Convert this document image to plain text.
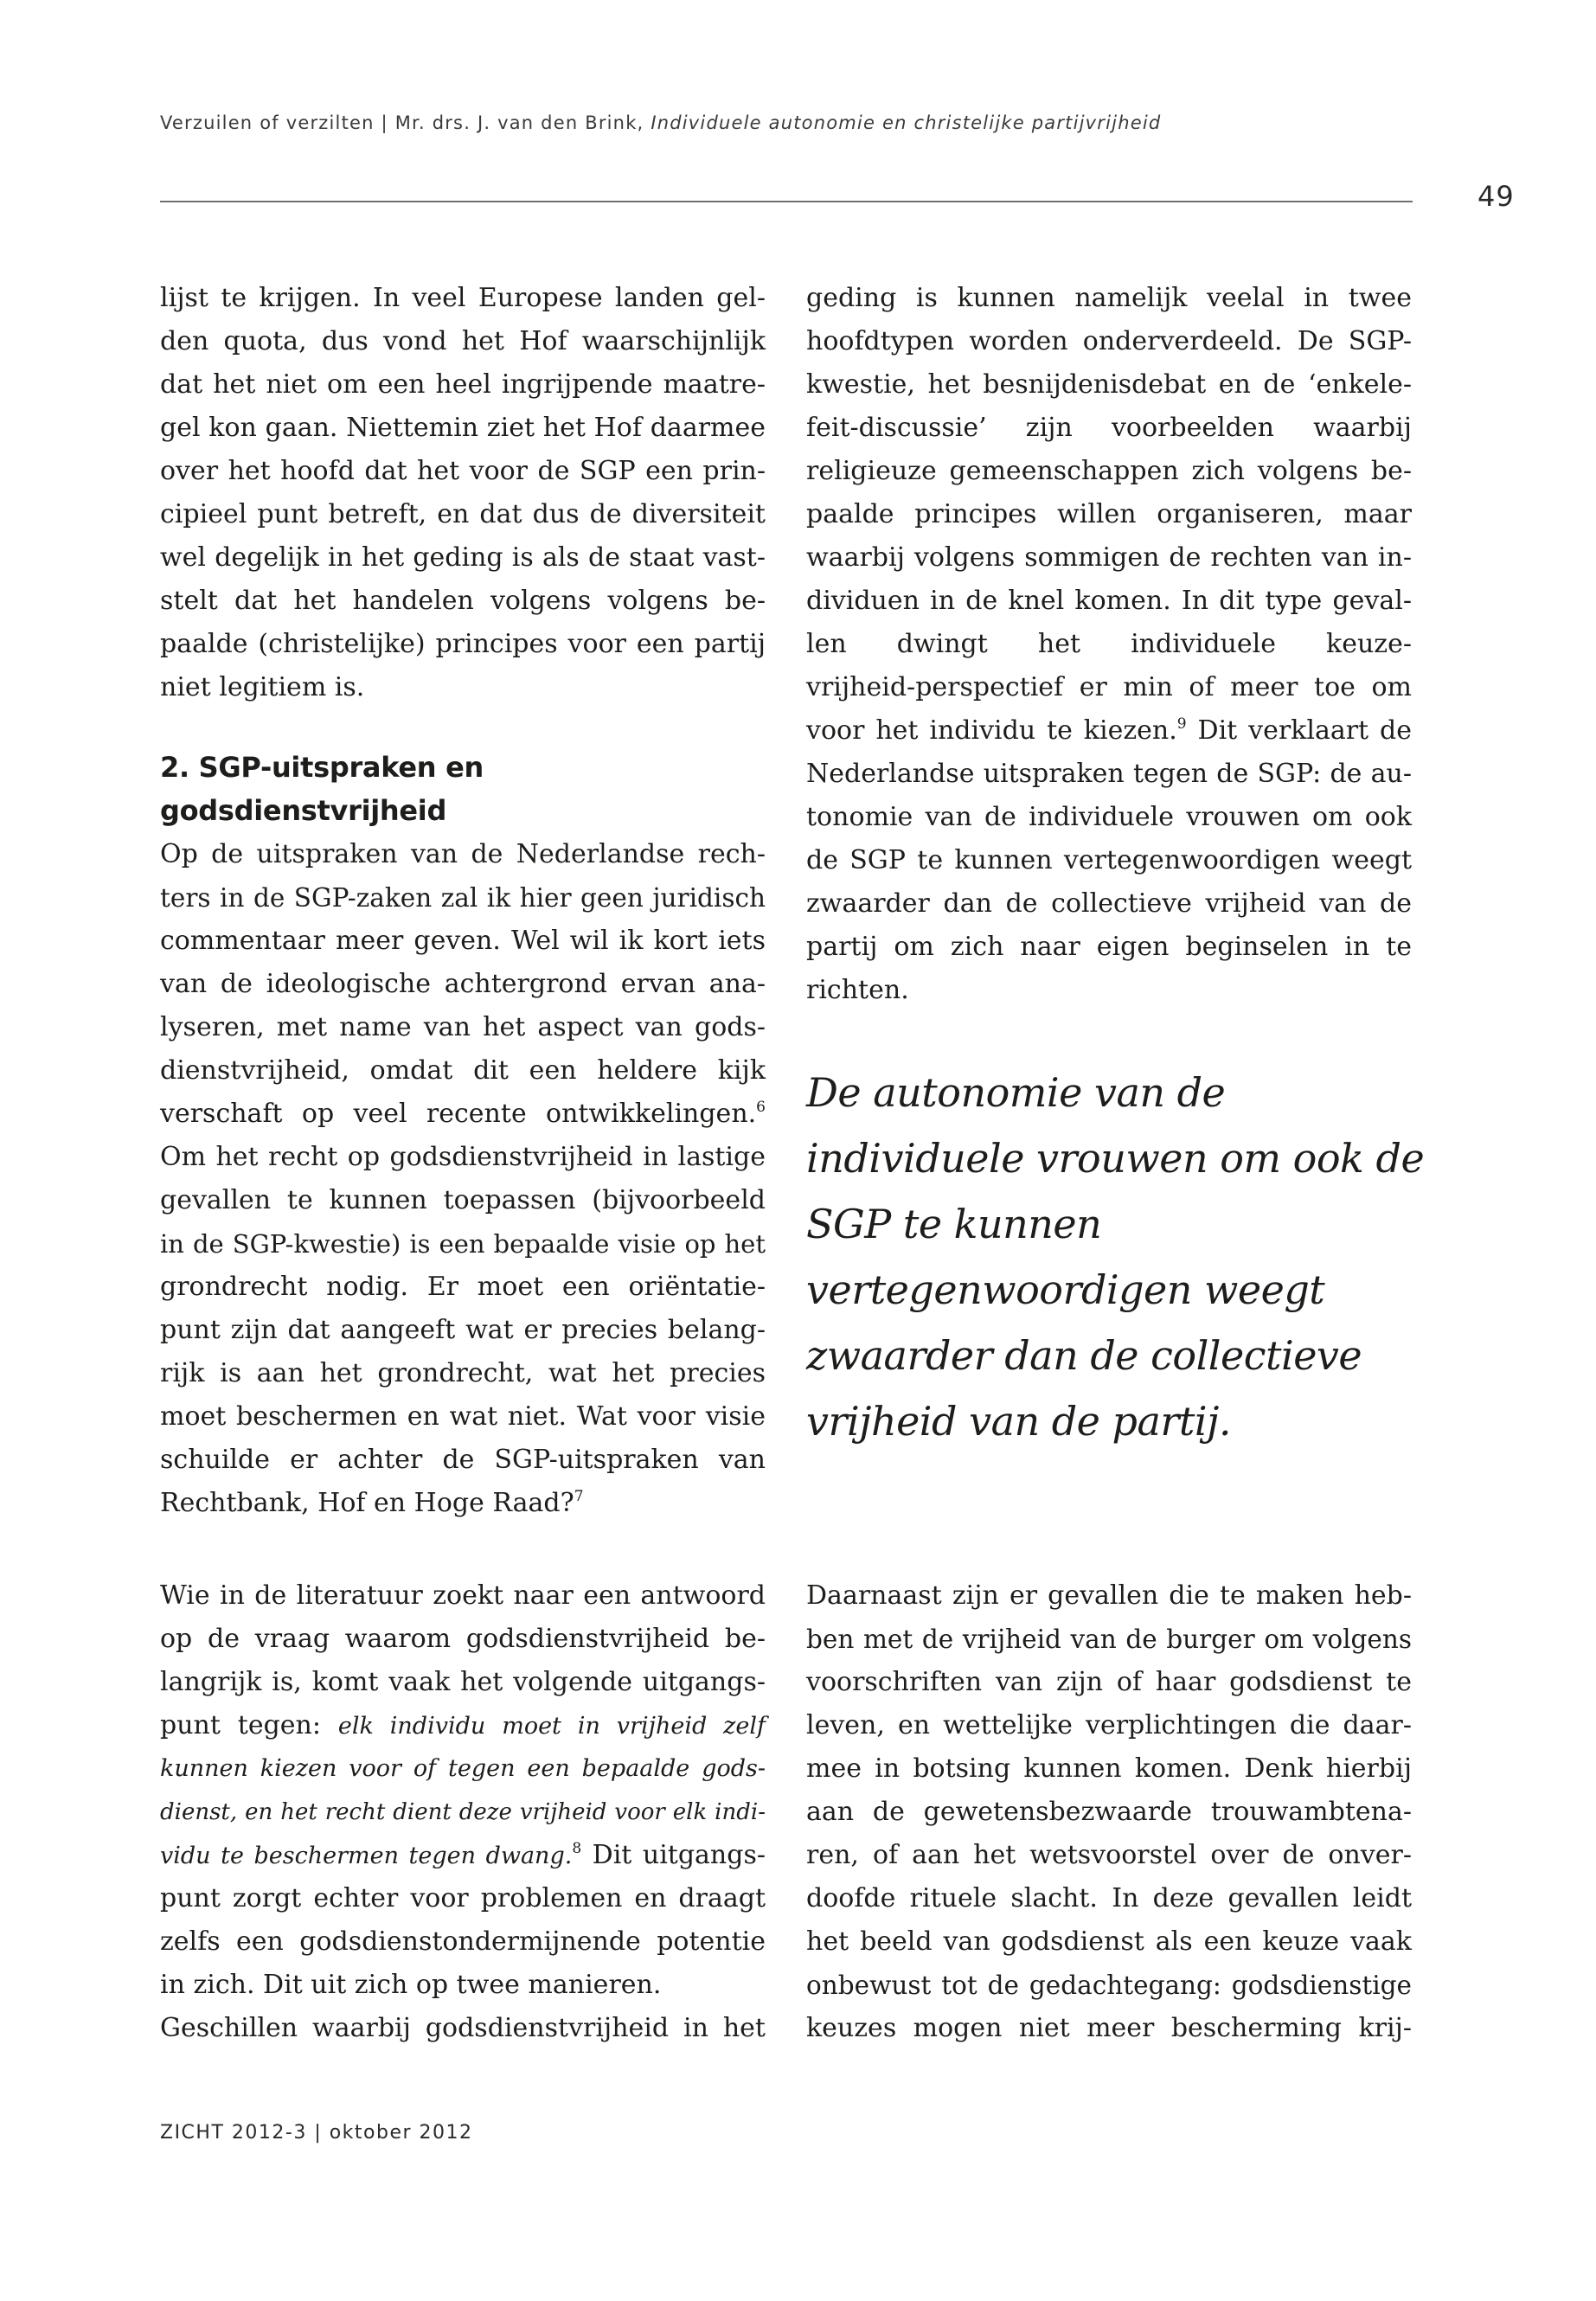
Verzuilen of verzilten | Mr. drs. J. van den Brink, Individuele autonomie en christelijke partijvrijheid
49
lijst te krijgen. In veel Europese landen gel-
den quota, dus vond het Hof waarschijnlijk
dat het niet om een heel ingrijpende maatre-
gel kon gaan. Niettemin ziet het Hof daarmee
over het hoofd dat het voor de SGP een prin-
cipieel punt betreft, en dat dus de diversiteit
wel degelijk in het geding is als de staat vast-
stelt dat het handelen volgens volgens be-
paalde (christelijke) principes voor een partij
niet legitiem is.
2. SGP-uitspraken en
godsdienstvrijheid
Op de uitspraken van de Nederlandse rech-
ters in de SGP-zaken zal ik hier geen juridisch
commentaar meer geven. Wel wil ik kort iets
van de ideologische achtergrond ervan ana-
lyseren, met name van het aspect van gods-
dienstvrijheid, omdat dit een heldere kijk
verschaft op veel recente ontwikkelingen.$^6$
Om het recht op godsdienstvrijheid in lastige
gevallen te kunnen toepassen (bijvoorbeeld
in de SGP-kwestie) is een bepaalde visie op het
grondrecht nodig. Er moet een oriëntatie-
punt zijn dat aangeeft wat er precies belang-
rijk is aan het grondrecht, wat het precies
moet beschermen en wat niet. Wat voor visie
schuilde er achter de SGP-uitspraken van
Rechtbank, Hof en Hoge Raad?$^7$
Wie in de literatuur zoekt naar een antwoord
op de vraag waarom godsdienstvrijheid be-
langrijk is, komt vaak het volgende uitgangs-
punt tegen: elk individu moet in vrijheid zelf
kunnen kiezen voor of tegen een bepaalde gods-
dienst, en het recht dient deze vrijheid voor elk indi-
vidu te beschermen tegen dwang.$^8$ Dit uitgangs-
punt zorgt echter voor problemen en draagt
zelfs een godsdienstondermijnende potentie
in zich. Dit uit zich op twee manieren.
Geschillen waarbij godsdienstvrijheid in het
geding is kunnen namelijk veelal in twee
hoofdtypen worden onderverdeeld. De SGP-
kwestie, het besnijdenisdebat en de ‘enkele-
feit-discussie’ zijn voorbeelden waarbij
religieuze gemeenschappen zich volgens be-
paalde principes willen organiseren, maar
waarbij volgens sommigen de rechten van in-
dividuen in de knel komen. In dit type geval-
len dwingt het individuele keuze-
vrijheid-perspectief er min of meer toe om
voor het individu te kiezen.$^9$ Dit verklaart de
Nederlandse uitspraken tegen de SGP: de au-
tonomie van de individuele vrouwen om ook
de SGP te kunnen vertegenwoordigen weegt
zwaarder dan de collectieve vrijheid van de
partij om zich naar eigen beginselen in te
richten.
De autonomie van de
individuele vrouwen om ook de
SGP te kunnen
vertegenwoordigen weegt
zwaarder dan de collectieve
vrijheid van de partij.
Daarnaast zijn er gevallen die te maken heb-
ben met de vrijheid van de burger om volgens
voorschriften van zijn of haar godsdienst te
leven, en wettelijke verplichtingen die daar-
mee in botsing kunnen komen. Denk hierbij
aan de gewetensbezwaarde trouwambtena-
ren, of aan het wetsvoorstel over de onver-
doofde rituele slacht. In deze gevallen leidt
het beeld van godsdienst als een keuze vaak
onbewust tot de gedachtegang: godsdienstige
keuzes mogen niet meer bescherming krij-
ZICHT 2012-3 | oktober 2012
